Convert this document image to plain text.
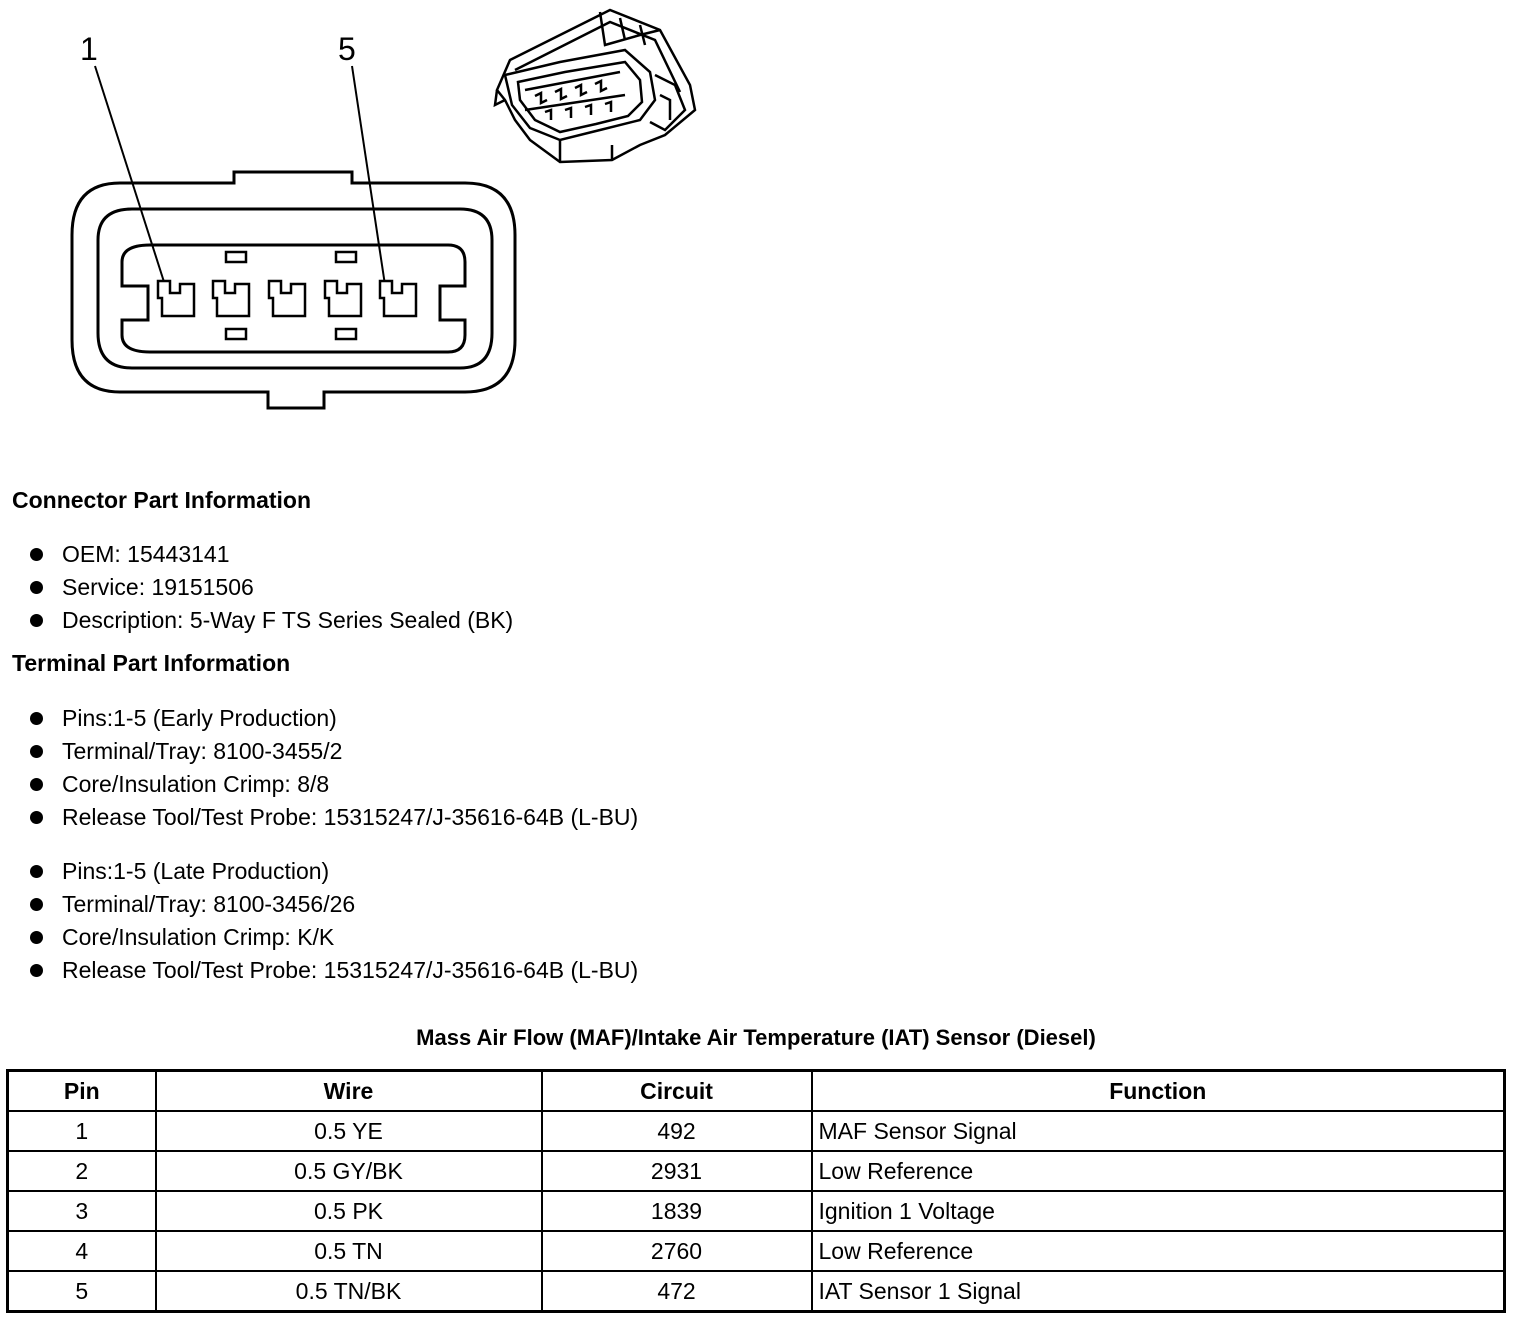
1	5
Connector Part Information
OEM: 15443141
Service: 19151506
Description: 5-Way F TS Series Sealed (BK)
Terminal Part Information
Pins:1-5 (Early Production)
Terminal/Tray: 8100-3455/2
Core/Insulation Crimp: 8/8
Release Tool/Test Probe: 15315247/J-35616-64B (L-BU)
Pins:1-5 (Late Production)
Terminal/Tray: 8100-3456/26
Core/Insulation Crimp: K/K
Release Tool/Test Probe: 15315247/J-35616-64B (L-BU)
Mass Air Flow (MAF)/Intake Air Temperature (IAT) Sensor (Diesel)
Pin	Wire	Circuit	Function
1	0.5 YE	492	MAF Sensor Signal
2	0.5 GY/BK	2931	Low Reference
3	0.5 PK	1839	Ignition 1 Voltage
4	0.5 TN	2760	Low Reference
5	0.5 TN/BK	472	IAT Sensor 1 Signal
